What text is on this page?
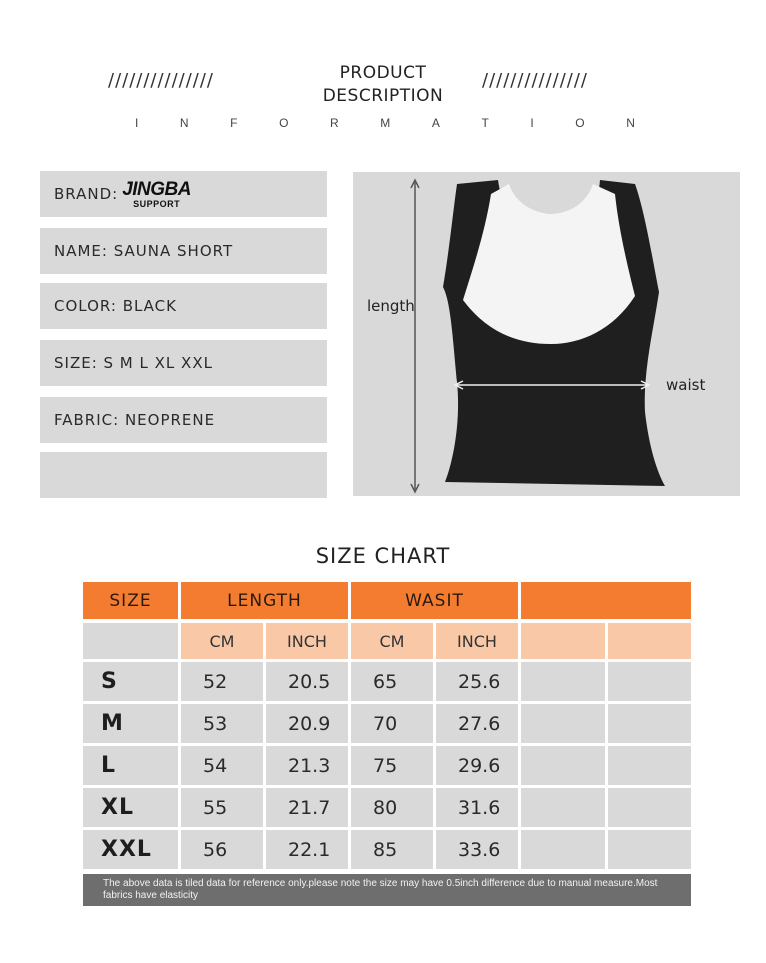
///////////////	///////////////
PRODUCT
DESCRIPTION
I	N	F	O	R	M	A	T	I	O	N
BRAND: JINGBA
SUPPORT
NAME: SAUNA SHORT
COLOR: BLACK
SIZE: S M L XL XXL
FABRIC: NEOPRENE
length
waist
SIZE CHART
SIZE	LENGTH	WASIT
CM	INCH	CM	INCH
S	52	20.5	65	25.6
M	53	20.9	70	27.6
L	54	21.3	75	29.6
XL	55	21.7	80	31.6
XXL	56	22.1	85	33.6
The above data is tiled data for reference only.please note the size may have 0.5inch difference due to manual measure.Most fabrics have elasticity
